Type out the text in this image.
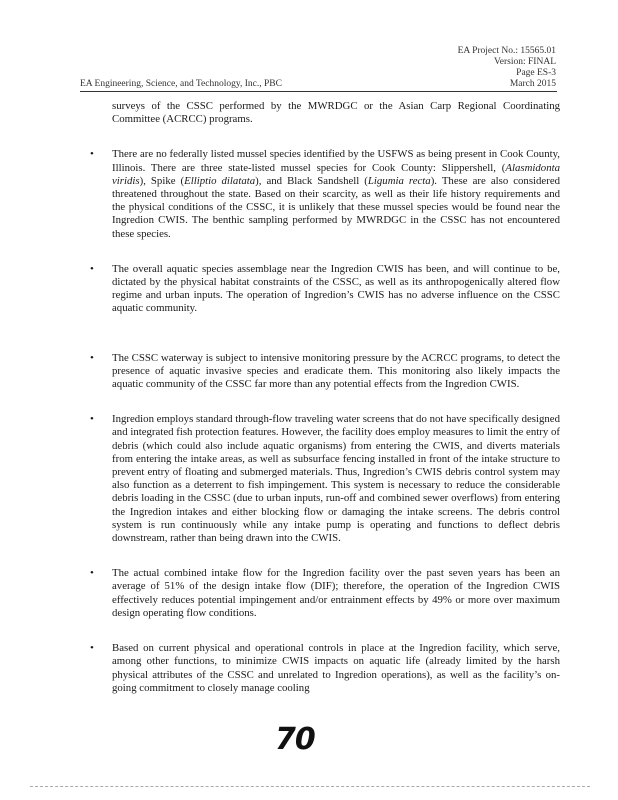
EA Project No.: 15565.01
Version: FINAL
Page ES-3
EA Engineering, Science, and Technology, Inc., PBC	March 2015

surveys of the CSSC performed by the MWRDGC or the Asian Carp Regional Coordinating Committee (ACRCC) programs.

• There are no federally listed mussel species identified by the USFWS as being present in Cook County, Illinois. There are three state-listed mussel species for Cook County: Slippershell, (Alasmidonta viridis), Spike (Elliptio dilatata), and Black Sandshell (Ligumia recta). These are also considered threatened throughout the state. Based on their scarcity, as well as their life history requirements and the physical conditions of the CSSC, it is unlikely that these mussel species would be found near the Ingredion CWIS. The benthic sampling performed by MWRDGC in the CSSC has not encountered these species.
• The overall aquatic species assemblage near the Ingredion CWIS has been, and will continue to be, dictated by the physical habitat constraints of the CSSC, as well as its anthropogenically altered flow regime and urban inputs. The operation of Ingredion’s CWIS has no adverse influence on the CSSC aquatic community.
• The CSSC waterway is subject to intensive monitoring pressure by the ACRCC programs, to detect the presence of aquatic invasive species and eradicate them. This monitoring also likely impacts the aquatic community of the CSSC far more than any potential effects from the Ingredion CWIS.
• Ingredion employs standard through-flow traveling water screens that do not have specifically designed and integrated fish protection features. However, the facility does employ measures to limit the entry of debris (which could also include aquatic organisms) from entering the CWIS, and diverts materials from entering the intake areas, as well as subsurface fencing installed in front of the intake structure to prevent entry of floating and submerged materials. Thus, Ingredion’s CWIS debris control system may also function as a deterrent to fish impingement. This system is necessary to reduce the considerable debris loading in the CSSC (due to urban inputs, run-off and combined sewer overflows) from entering the Ingredion intakes and either blocking flow or damaging the intake screens. The debris control system is run continuously while any intake pump is operating and functions to deflect debris downstream, rather than being drawn into the CWIS.
• The actual combined intake flow for the Ingredion facility over the past seven years has been an average of 51% of the design intake flow (DIF); therefore, the operation of the Ingredion CWIS effectively reduces potential impingement and/or entrainment effects by 49% or more over maximum design operating flow conditions.
• Based on current physical and operational controls in place at the Ingredion facility, which serve, among other functions, to minimize CWIS impacts on aquatic life (already limited by the harsh physical attributes of the CSSC and unrelated to Ingredion operations), as well as the facility’s on-going commitment to closely manage cooling
70
